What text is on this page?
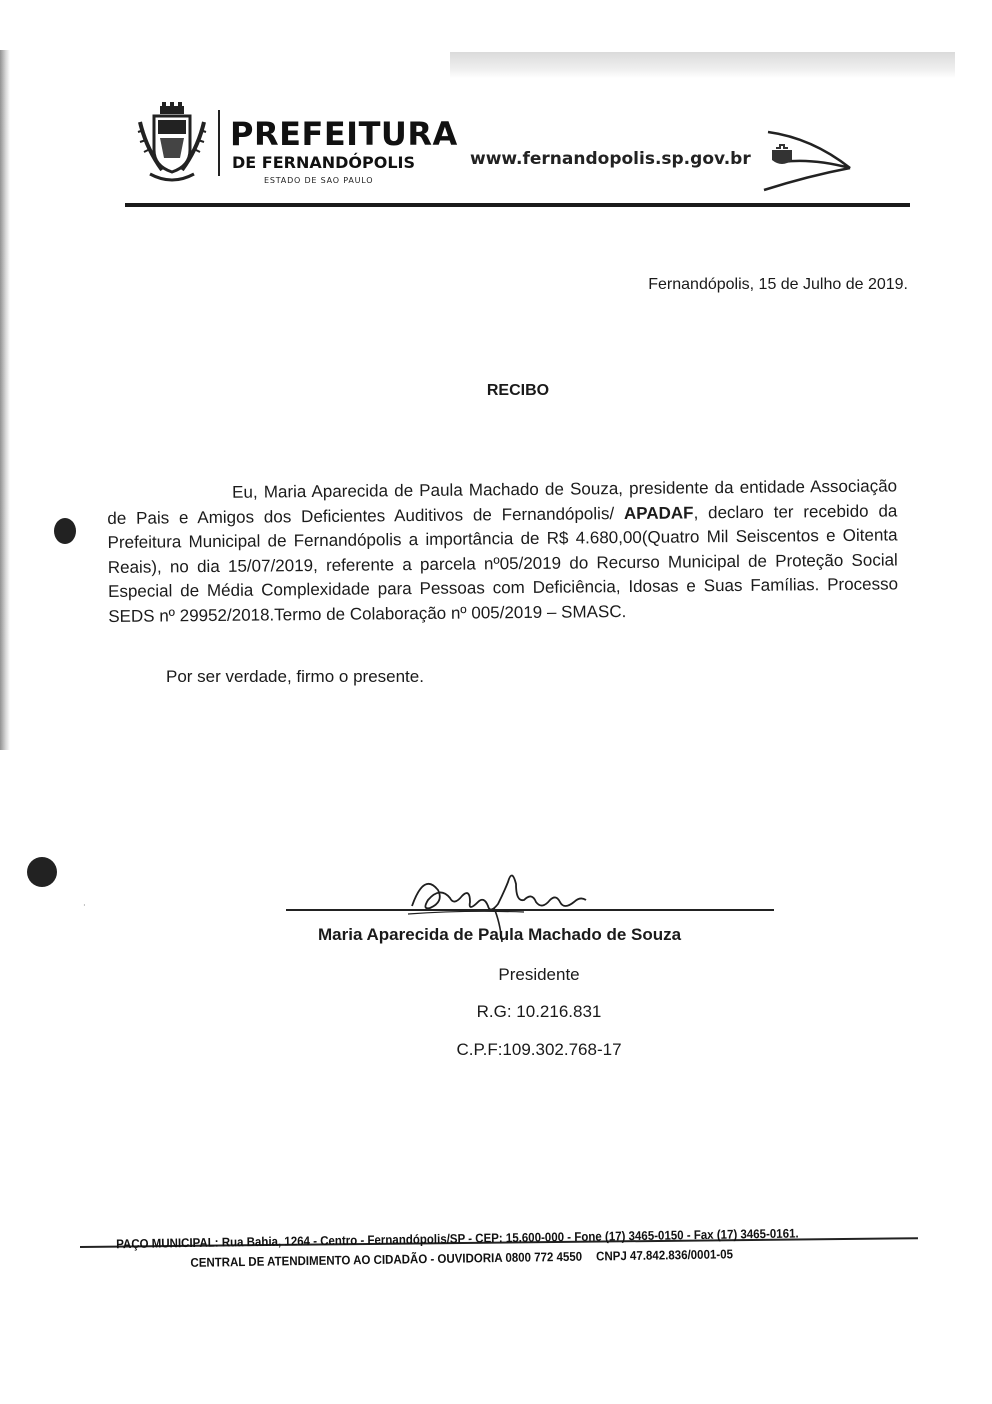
˙
PREFEITURA
DE FERNANDÓPOLIS
ESTADO DE SAO PAULO
www.fernandopolis.sp.gov.br
Fernandópolis, 15 de Julho de 2019.
RECIBO

Eu, Maria Aparecida de Paula Machado de Souza, presidente da entidade Associação de Pais e Amigos dos Deficientes Auditivos de Fernandópolis/ APADAF, declaro ter recebido da Prefeitura Municipal de Fernandópolis a importância de R$ 4.680,00(Quatro Mil Seiscentos e Oitenta Reais), no dia 15/07/2019, referente a parcela nº05/2019 do Recurso Municipal de Proteção Social Especial de Média Complexidade para Pessoas com Deficiência, Idosas e Suas Famílias. Processo SEDS nº 29952/2018.Termo de Colaboração nº 005/2019 – SMASC.

Por ser verdade, firmo o presente.
Maria Aparecida de Paula Machado de Souza
Presidente
R.G: 10.216.831
C.P.F:109.302.768-17
PAÇO MUNICIPAL: Rua Bahia, 1264 - Centro - Fernandópolis/SP - CEP: 15.600-000 - Fone (17) 3465-0150 - Fax (17) 3465-0161.
CENTRAL DE ATENDIMENTO AO CIDADÃO - OUVIDORIA 0800 772 4550 CNPJ 47.842.836/0001-05
